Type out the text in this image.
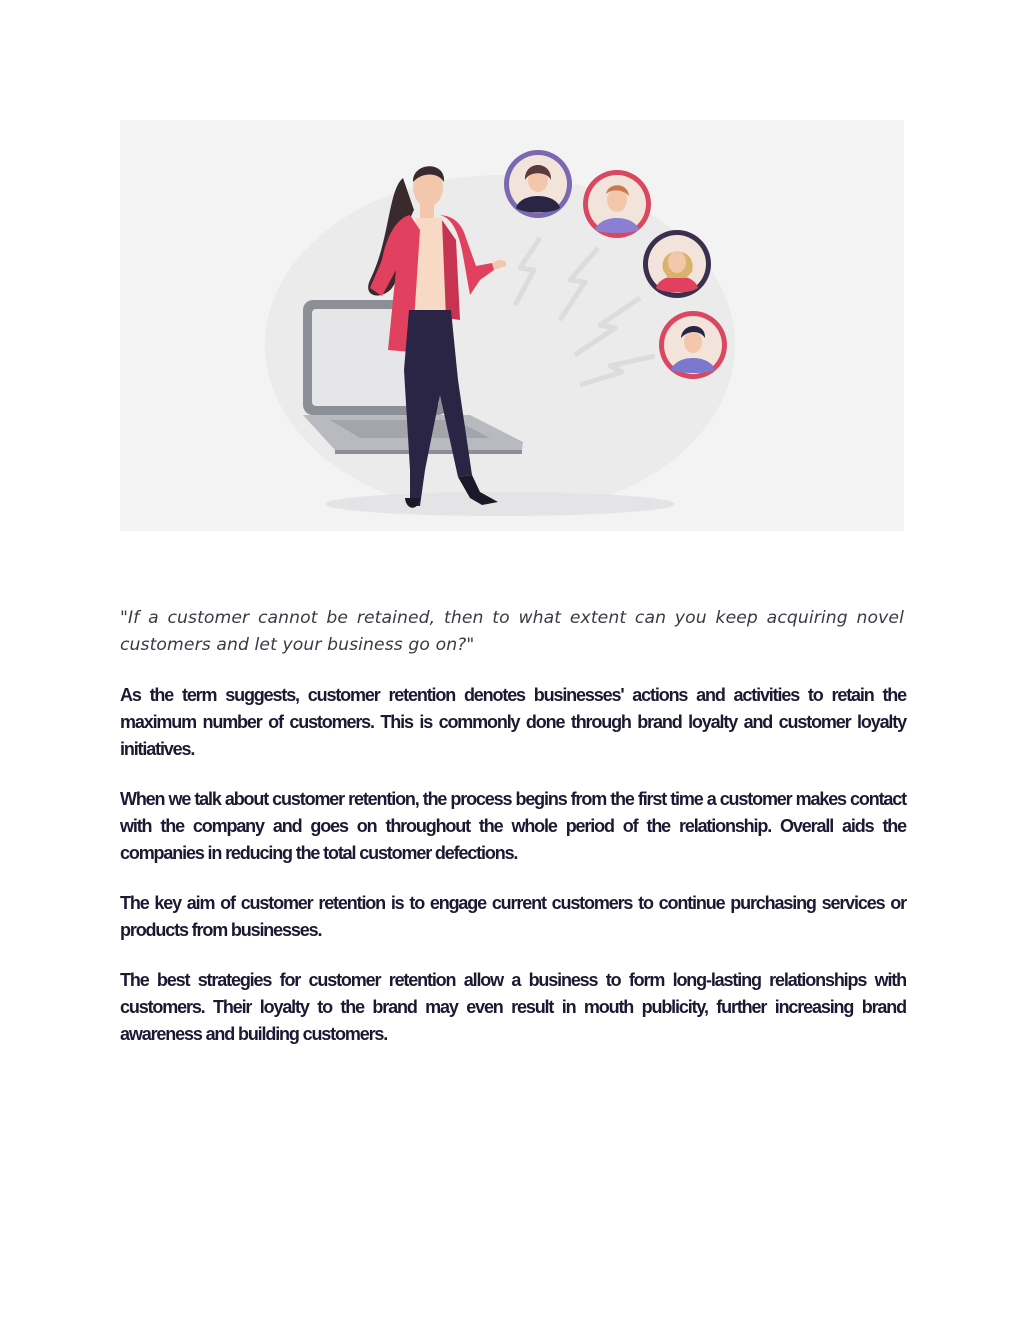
"If a customer cannot be retained, then to what extent can you keep acquiring novel customers and let your business go on?"

As the term suggests, customer retention denotes businesses' actions and activities to retain the maximum number of customers. This is commonly done through brand loyalty and customer loyalty initiatives.

When we talk about customer retention, the process begins from the first time a customer makes contact with the company and goes on throughout the whole period of the relationship. Overall aids the companies in reducing the total customer defections.

The key aim of customer retention is to engage current customers to continue purchasing services or products from businesses.

The best strategies for customer retention allow a business to form long-lasting relationships with customers. Their loyalty to the brand may even result in mouth publicity, further increasing brand awareness and building customers.
